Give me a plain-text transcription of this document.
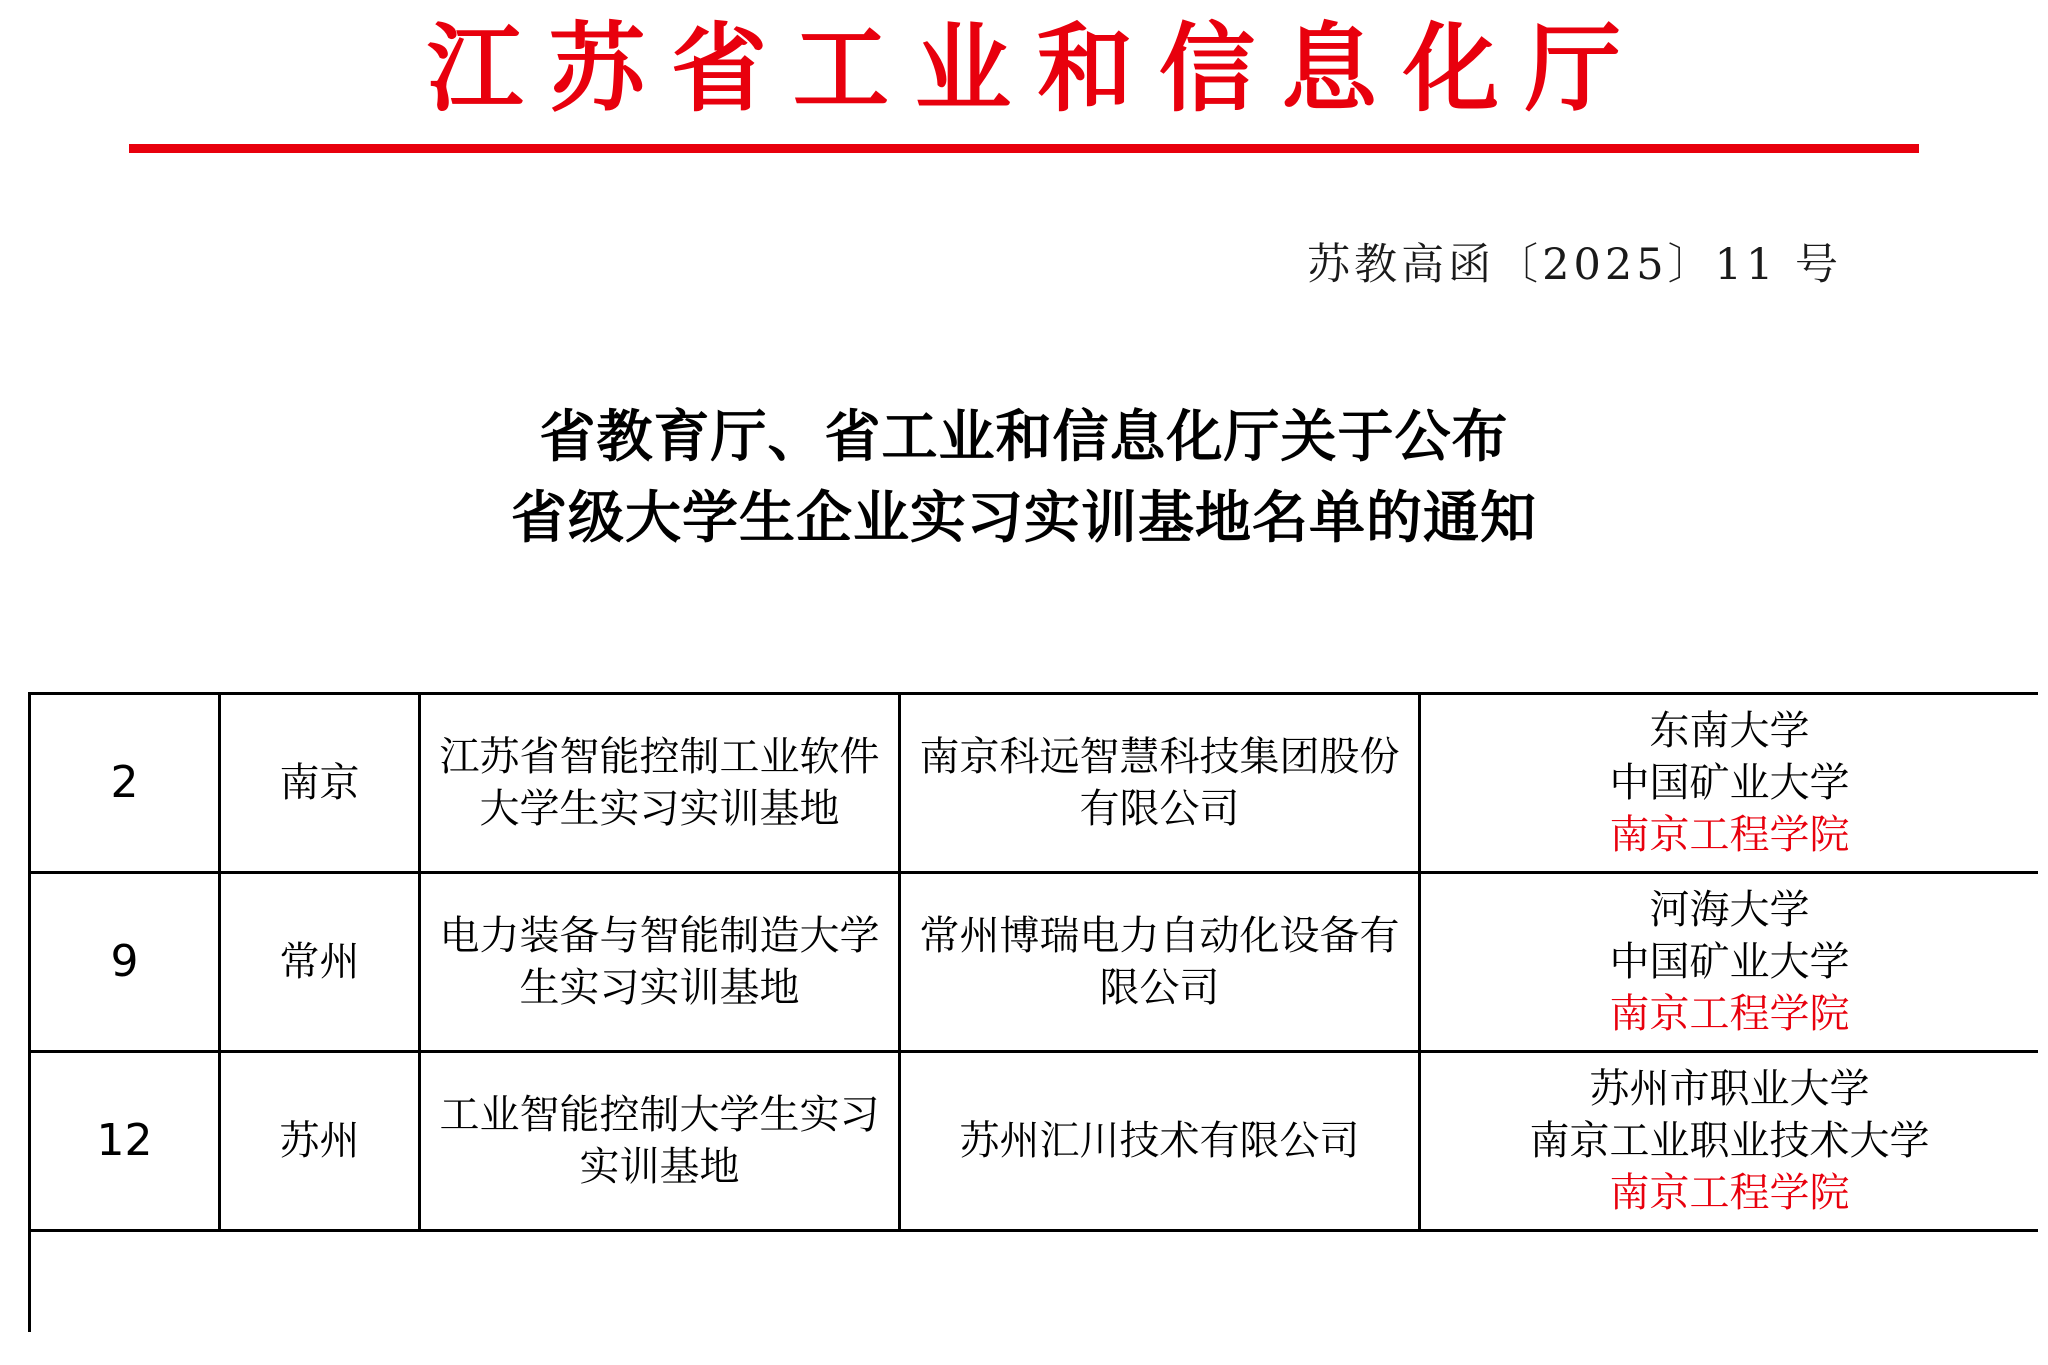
江苏省工业和信息化厅
苏教高函〔2025〕11 号
省教育厅、省工业和信息化厅关于公布
省级大学生企业实习实训基地名单的通知
2	南京	江苏省智能控制工业软件大学生实习实训基地	南京科远智慧科技集团股份有限公司	东南大学
中国矿业大学
南京工程学院

9	常州	电力装备与智能制造大学生实习实训基地	常州博瑞电力自动化设备有限公司	河海大学
中国矿业大学
南京工程学院

12	苏州	工业智能控制大学生实习实训基地	苏州汇川技术有限公司	苏州市职业大学
南京工业职业技术大学
南京工程学院
